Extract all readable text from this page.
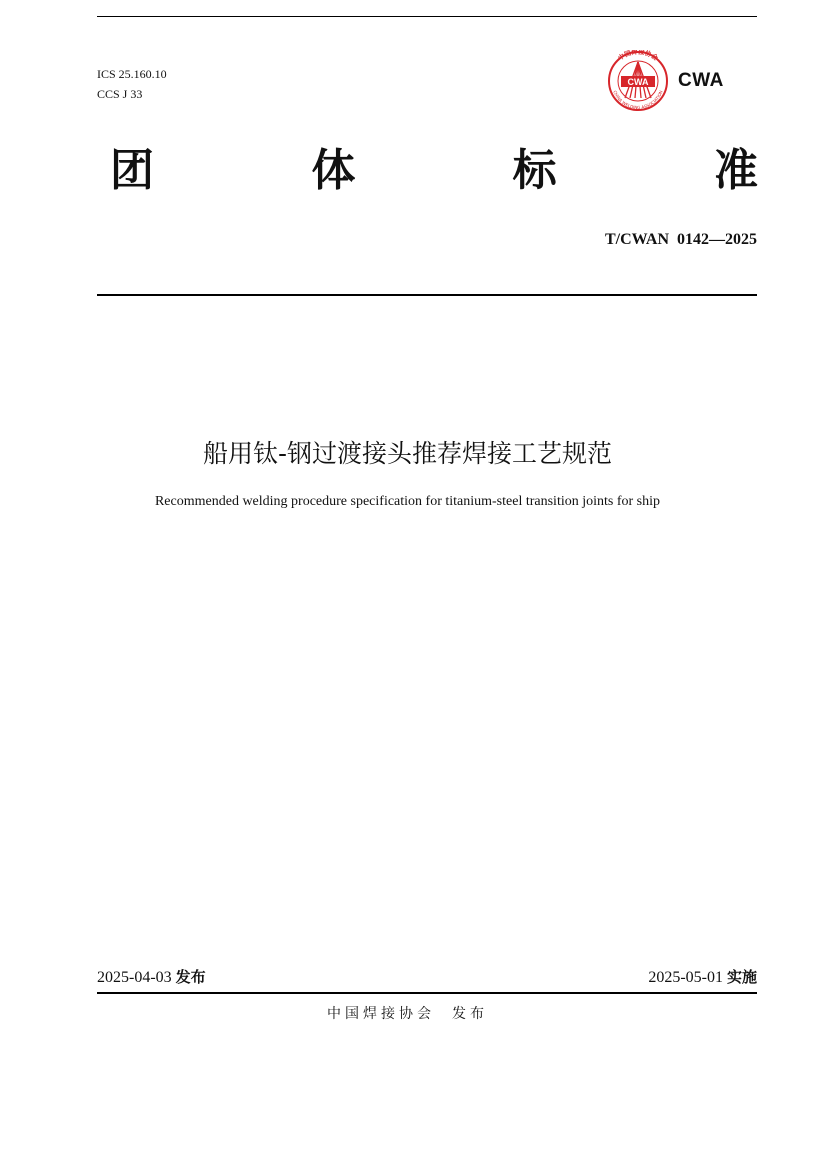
ICS 25.160.10
CCS J 33
中国焊接协会
CHINA WELDING ASSOCIATION
CWA CWA
团	体	标	准
T/CWAN  0142—2025
船用钛-钢过渡接头推荐焊接工艺规范
Recommended welding procedure specification for titanium-steel transition joints for ship
2025-04-03 发布	2025-05-01 实施
中国焊接协会  发布
